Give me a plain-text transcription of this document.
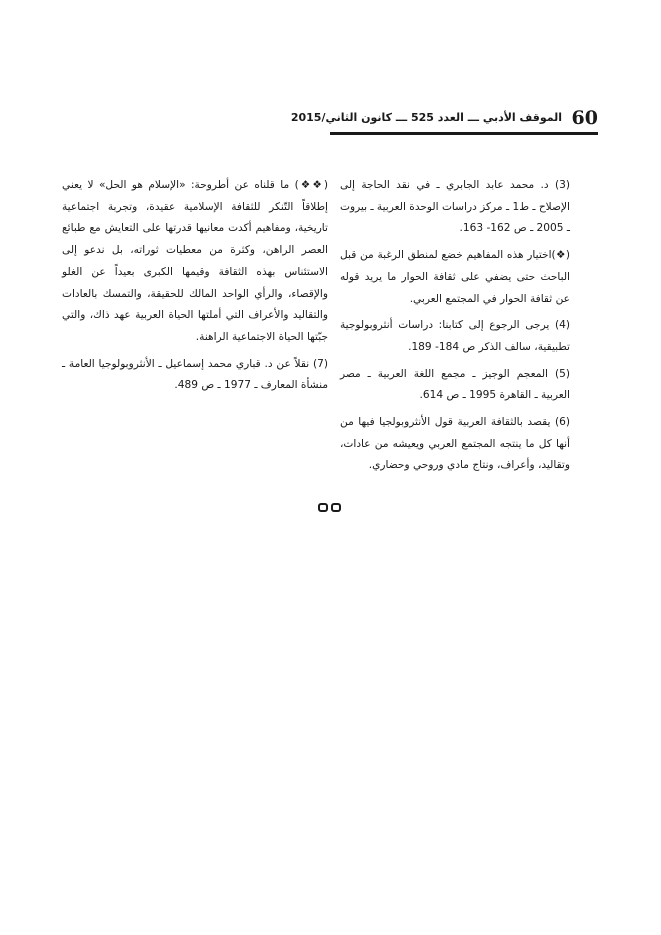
60
الموقف الأدبي ـــ العدد 525 ـــ كانون الثاني/2015

(3) د. محمد عابد الجابري ـ في نقد الحاجة إلى الإصلاح ـ ط1 ـ مركز دراسات الوحدة العربية ـ بيروت ـ 2005 ـ ص 162- 163.

(❖)اختيار هذه المفاهيم خضع لمنطق الرغبة من قبل الباحث حتى يضفي على ثقافة الحوار ما يريد قوله عن ثقافة الحوار في المجتمع العربي.

(4) يرجى الرجوع إلى كتابنا: دراسات أنثروبولوجية تطبيقية، سالف الذكر ص 184- 189.

(5) المعجم الوجيز ـ مجمع اللغة العربية ـ مصر العربية ـ القاهرة 1995 ـ ص 614.

(6) يقصد بالثقافة العربية قول الأنثروبولجيا فيها من أنها كل ما ينتجه المجتمع العربي ويعيشه من عادات، وتقاليد، وأعراف، ونتاج مادي وروحي وحضاري.

(❖❖) ما قلناه عن أطروحة: «الإسلام هو الحل» لا يعني إطلاقاً التّنكر للثقافة الإسلامية عقيدة، وتجربة اجتماعية تاريخية، ومفاهيم أكدت معانيها قدرتها على التعايش مع طبائع العصر الراهن، وكثرة من معطيات ثوراته، بل ندعو إلى الاستئناس بهذه الثقافة وقيمها الكبرى بعيداً عن الغلو والإقصاء، والرأي الواحد المالك للحقيقة، والتمسك بالعادات والتقاليد والأعراف التي أملتها الحياة العربية عهد ذاك، والتي جبّتها الحياة الاجتماعية الراهنة.

(7) نقلاً عن د. قباري محمد إسماعيل ـ الأنثروبولوجيا العامة ـ منشأة المعارف ـ 1977 ـ ص 489.
